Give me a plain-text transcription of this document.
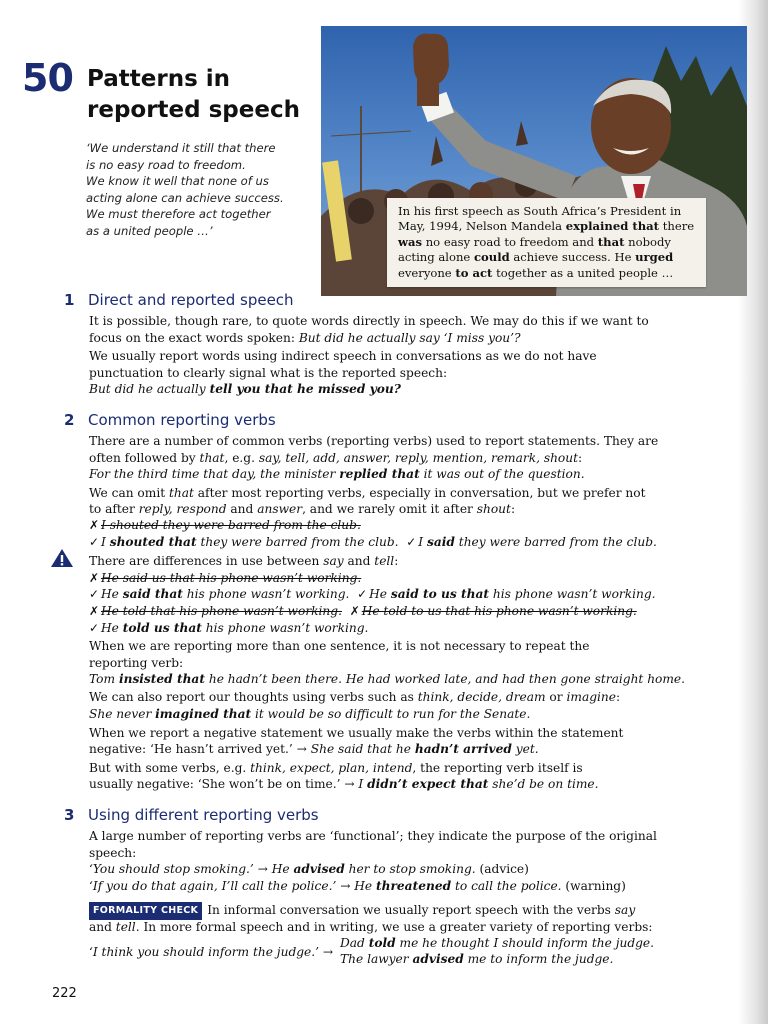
50 Patterns in
reported speech
‘We understand it still that there
is no easy road to freedom.
We know it well that none of us
acting alone can achieve success.
We must therefore act together
as a united people …’
In his first speech as South Africa’s President in
May, 1994, Nelson Mandela explained that there
was no easy road to freedom and that nobody
acting alone could achieve success. He urged
everyone to act together as a united people …
1 Direct and reported speech
It is possible, though rare, to quote words directly in speech. We may do this if we want to
focus on the exact words spoken: But did he actually say ‘I miss you’?
We usually report words using indirect speech in conversations as we do not have
punctuation to clearly signal what is the reported speech:
But did he actually tell you that he missed you?
2 Common reporting verbs
There are a number of common verbs (reporting verbs) used to report statements. They are
often followed by that, e.g. say, tell, add, answer, reply, mention, remark, shout:
For the third time that day, the minister replied that it was out of the question.
We can omit that after most reporting verbs, especially in conversation, but we prefer not
to after reply, respond and answer, and we rarely omit it after shout:
✗ I shouted they were barred from the club.
✓ I shouted that they were barred from the club. ✓ I said they were barred from the club.
There are differences in use between say and tell:
✗ He said us that his phone wasn’t working.
✓ He said that his phone wasn’t working. ✓ He said to us that his phone wasn’t working.
✗ He told that his phone wasn’t working. ✗ He told to us that his phone wasn’t working.
✓ He told us that his phone wasn’t working.
When we are reporting more than one sentence, it is not necessary to repeat the
reporting verb:
Tom insisted that he hadn’t been there. He had worked late, and had then gone straight home.
We can also report our thoughts using verbs such as think, decide, dream or imagine:
She never imagined that it would be so difficult to run for the Senate.
When we report a negative statement we usually make the verbs within the statement
negative: ‘He hasn’t arrived yet.’ → She said that he hadn’t arrived yet.
But with some verbs, e.g. think, expect, plan, intend, the reporting verb itself is
usually negative: ‘She won’t be on time.’ → I didn’t expect that she’d be on time.
3 Using different reporting verbs
A large number of reporting verbs are ‘functional’; they indicate the purpose of the original
speech:
‘You should stop smoking.’ → He advised her to stop smoking. (advice)
‘If you do that again, I’ll call the police.’ → He threatened to call the police. (warning)
FORMALITY CHECK In informal conversation we usually report speech with the verbs say
and tell. In more formal speech and in writing, we use a greater variety of reporting verbs:
‘I think you should inform the judge.’ →
Dad told me he thought I should inform the judge.
The lawyer advised me to inform the judge.
222
